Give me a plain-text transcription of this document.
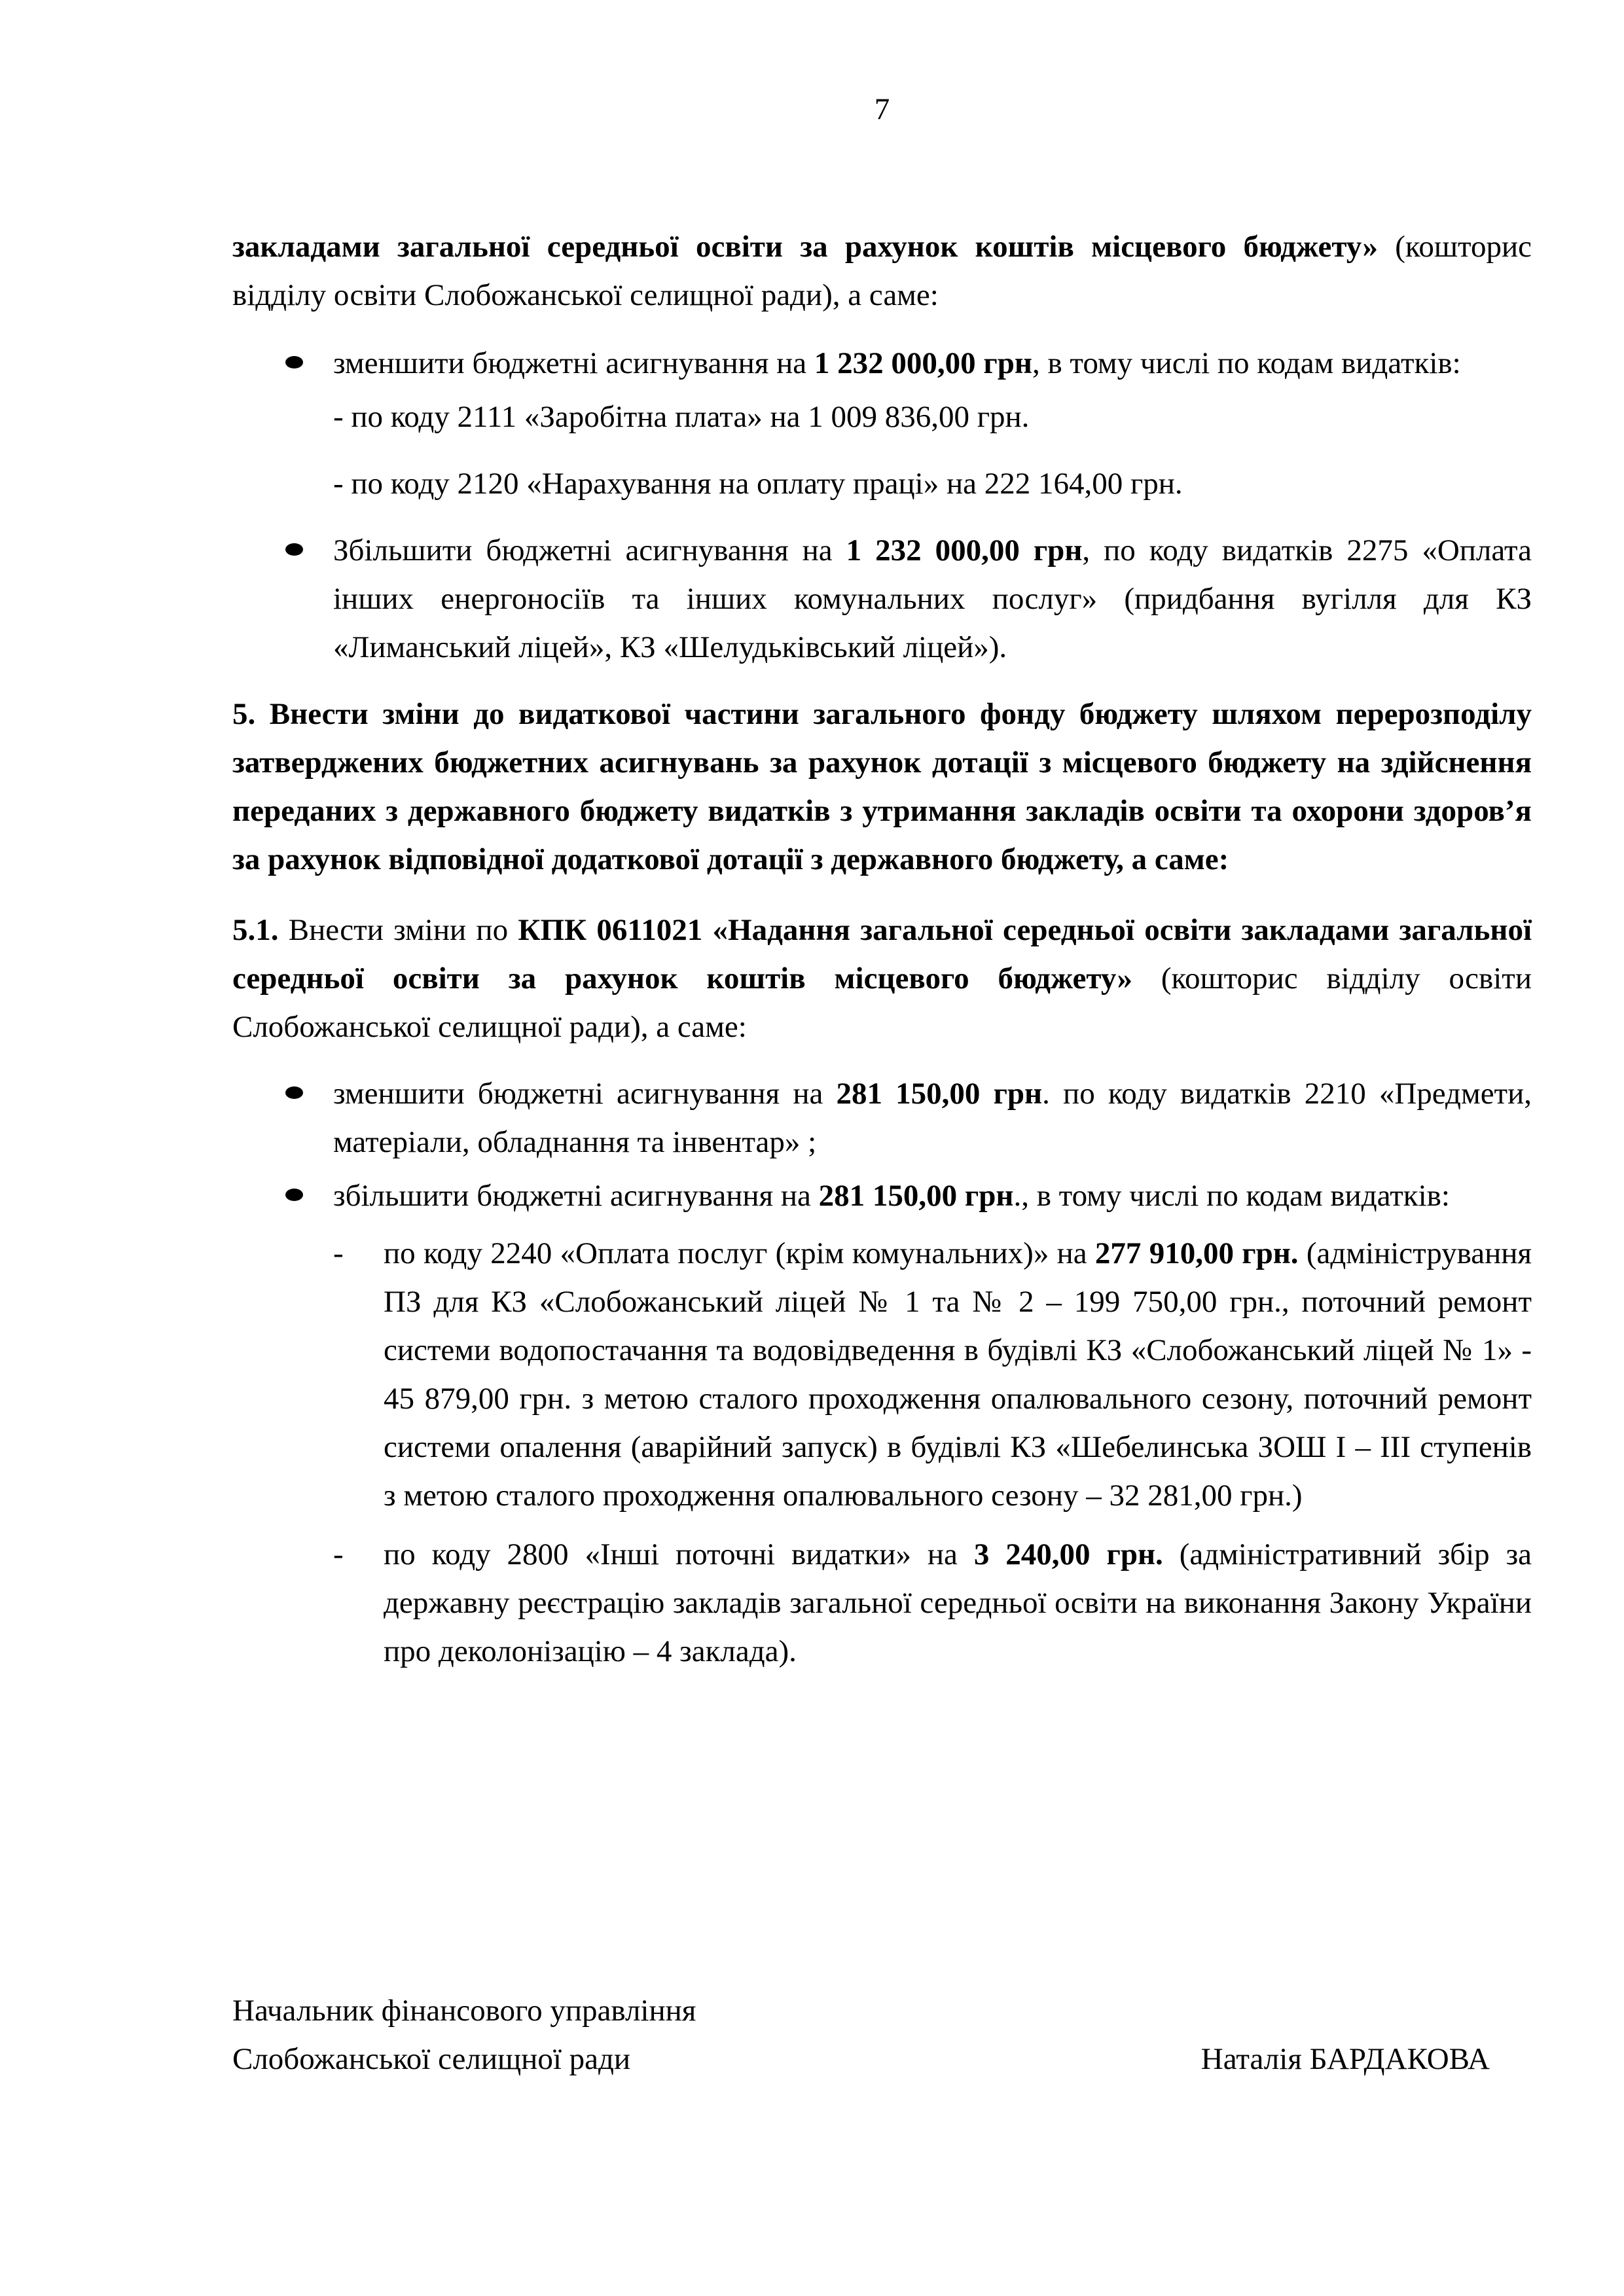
7

закладами загальної середньої освіти за рахунок коштів місцевого бюджету» (кошторис відділу освіти Слобожанської селищної ради), а саме:

зменшити бюджетні асигнування на 1 232 000,00 грн, в тому числі по кодам видатків:

- по коду 2111 «Заробітна плата» на 1 009 836,00 грн.

- по коду 2120 «Нарахування на оплату праці» на 222 164,00 грн.

Збільшити бюджетні асигнування на 1 232 000,00 грн, по коду видатків 2275 «Оплата інших енергоносіїв та інших комунальних послуг» (придбання вугілля для КЗ «Лиманський ліцей», КЗ «Шелудьківський ліцей»).

5. Внести зміни до видаткової частини загального фонду бюджету шляхом перерозподілу затверджених бюджетних асигнувань за рахунок дотації з місцевого бюджету на здійснення переданих з державного бюджету видатків з утримання закладів освіти та охорони здоров’я за рахунок відповідної додаткової дотації з державного бюджету, а саме:

5.1. Внести зміни по КПК 0611021 «Надання загальної середньої освіти закладами загальної середньої освіти за рахунок коштів місцевого бюджету» (кошторис відділу освіти Слобожанської селищної ради), а саме:

зменшити бюджетні асигнування на 281 150,00 грн. по коду видатків 2210 «Предмети, матеріали, обладнання та інвентар» ;

збільшити бюджетні асигнування на 281 150,00 грн., в тому числі по кодам видатків:

-	по коду 2240 «Оплата послуг (крім комунальних)» на 277 910,00 грн. (адміністрування ПЗ для КЗ «Слобожанський ліцей № 1 та № 2 – 199 750,00 грн., поточний ремонт системи водопостачання та водовідведення в будівлі КЗ «Слобожанський ліцей № 1» - 45 879,00 грн. з метою сталого проходження опалювального сезону, поточний ремонт системи опалення (аварійний запуск) в будівлі КЗ «Шебелинська ЗОШ І – ІІІ ступенів з метою сталого проходження опалювального сезону – 32 281,00 грн.)
-	по коду 2800 «Інші поточні видатки» на 3 240,00 грн. (адміністративний збір за державну реєстрацію закладів загальної середньої освіти на виконання Закону України про деколонізацію – 4 заклада).
Начальник фінансового управління
Слобожанської селищної ради	Наталія БАРДАКОВА
